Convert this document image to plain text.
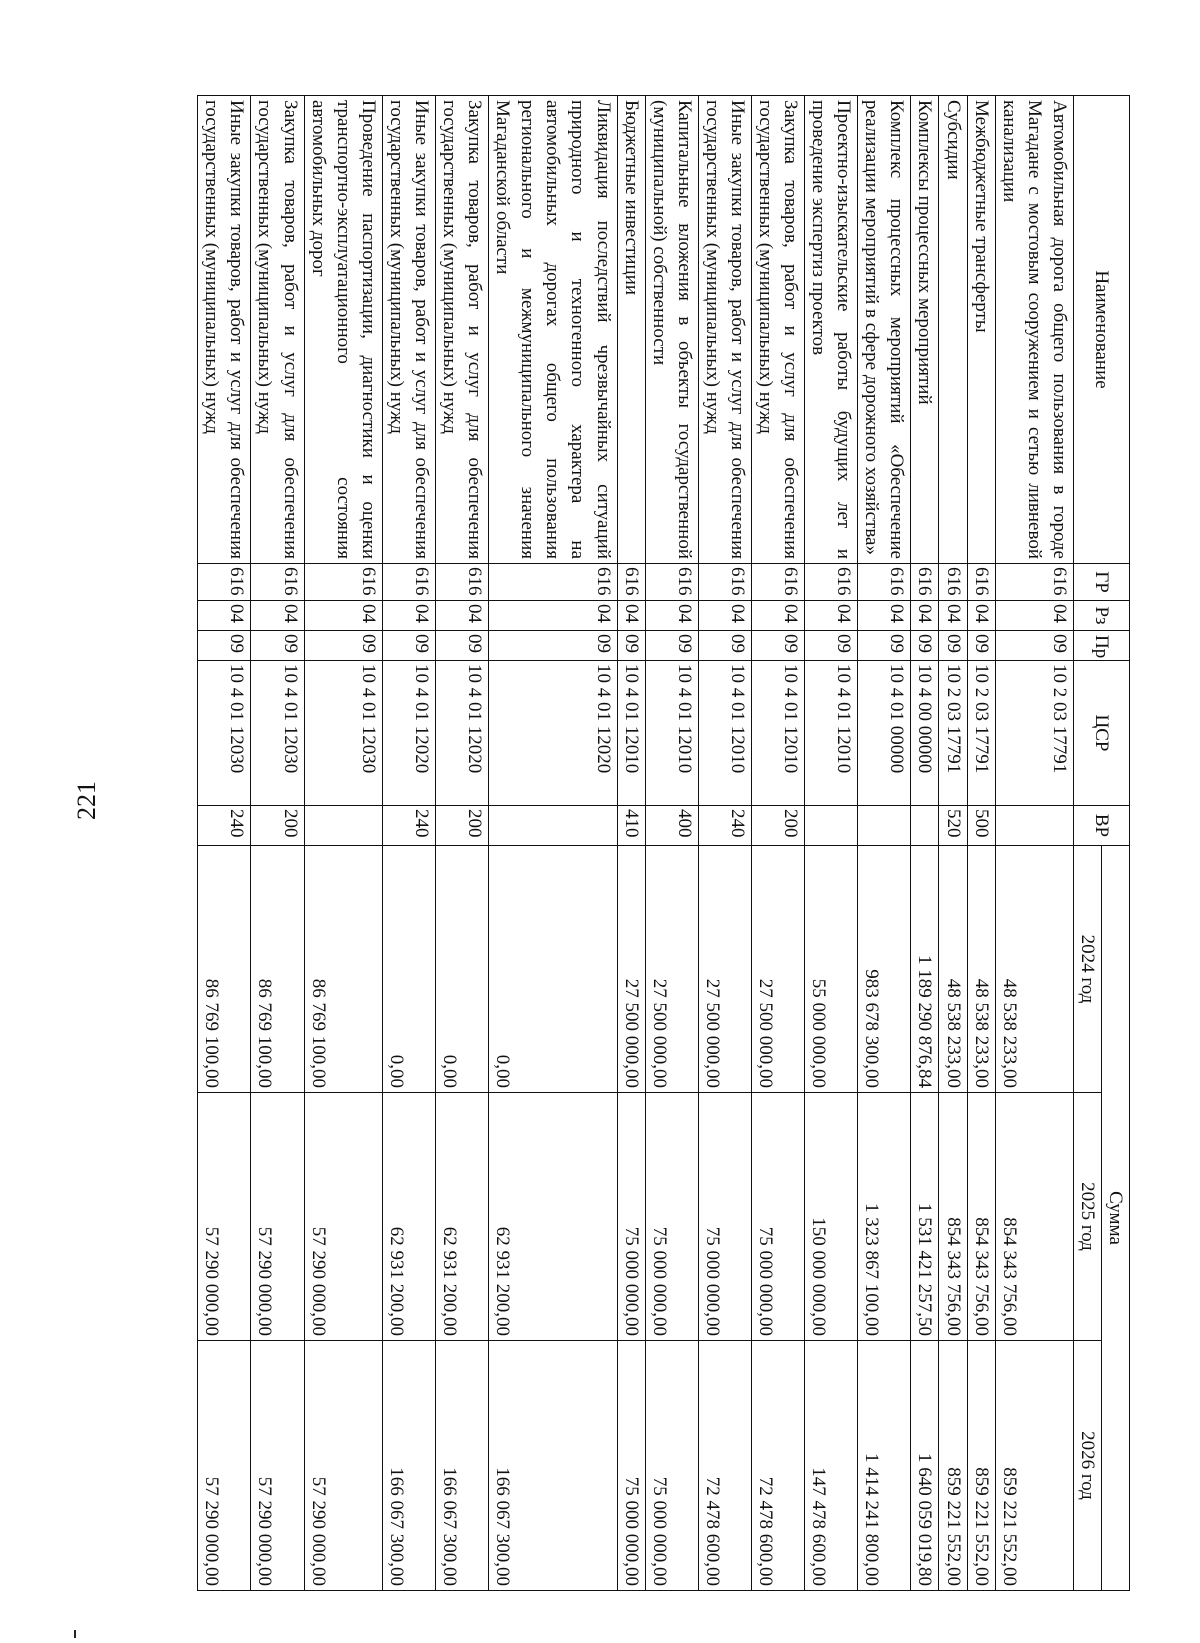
221
Наименование	ГР	Рз	Пр	ЦСР	ВР	Сумма		
						2024 год	2025 год	2026 год
Автомобильная дорога общего пользования в городе Магадане с мостовым сооружением и сетью ливневой канализации	616	04	09	10 2 03 17791		48 538 233,00	854 343 756,00	859 221 552,00
Межбюджетные трансферты	616	04	09	10 2 03 17791	500	48 538 233,00	854 343 756,00	859 221 552,00
Субсидии	616	04	09	10 2 03 17791	520	48 538 233,00	854 343 756,00	859 221 552,00
Комплексы процессных мероприятий	616	04	09	10 4 00 00000		1 189 290 876,84	1 531 421 257,50	1 640 059 019,80
Комплекс процессных мероприятий «Обеспечение реализации мероприятий в сфере дорожного хозяйства»	616	04	09	10 4 01 00000		983 678 300,00	1 323 867 100,00	1 414 241 800,00
Проектно-изыскательские работы будущих лет и проведение экспертиз проектов	616	04	09	10 4 01 12010		55 000 000,00	150 000 000,00	147 478 600,00
Закупка товаров, работ и услуг для обеспечения государственных (муниципальных) нужд	616	04	09	10 4 01 12010	200	27 500 000,00	75 000 000,00	72 478 600,00
Иные закупки товаров, работ и услуг для обеспечения государственных (муниципальных) нужд	616	04	09	10 4 01 12010	240	27 500 000,00	75 000 000,00	72 478 600,00
Капитальные вложения в объекты государственной (муниципальной) собственности	616	04	09	10 4 01 12010	400	27 500 000,00	75 000 000,00	75 000 000,00
Бюджетные инвестиции	616	04	09	10 4 01 12010	410	27 500 000,00	75 000 000,00	75 000 000,00
Ликвидация последствий чрезвычайных ситуаций природного и техногенного характера на автомобильных дорогах общего пользования регионального и межмуниципального значения Магаданской области	616	04	09	10 4 01 12020		0,00	62 931 200,00	166 067 300,00
Закупка товаров, работ и услуг для обеспечения государственных (муниципальных) нужд	616	04	09	10 4 01 12020	200	0,00	62 931 200,00	166 067 300,00
Иные закупки товаров, работ и услуг для обеспечения государственных (муниципальных) нужд	616	04	09	10 4 01 12020	240	0,00	62 931 200,00	166 067 300,00
Проведение паспортизации, диагностики и оценки транспортно-эксплуатационного состояния автомобильных дорог	616	04	09	10 4 01 12030		86 769 100,00	57 290 000,00	57 290 000,00
Закупка товаров, работ и услуг для обеспечения государственных (муниципальных) нужд	616	04	09	10 4 01 12030	200	86 769 100,00	57 290 000,00	57 290 000,00
Иные закупки товаров, работ и услуг для обеспечения государственных (муниципальных) нужд	616	04	09	10 4 01 12030	240	86 769 100,00	57 290 000,00	57 290 000,00
